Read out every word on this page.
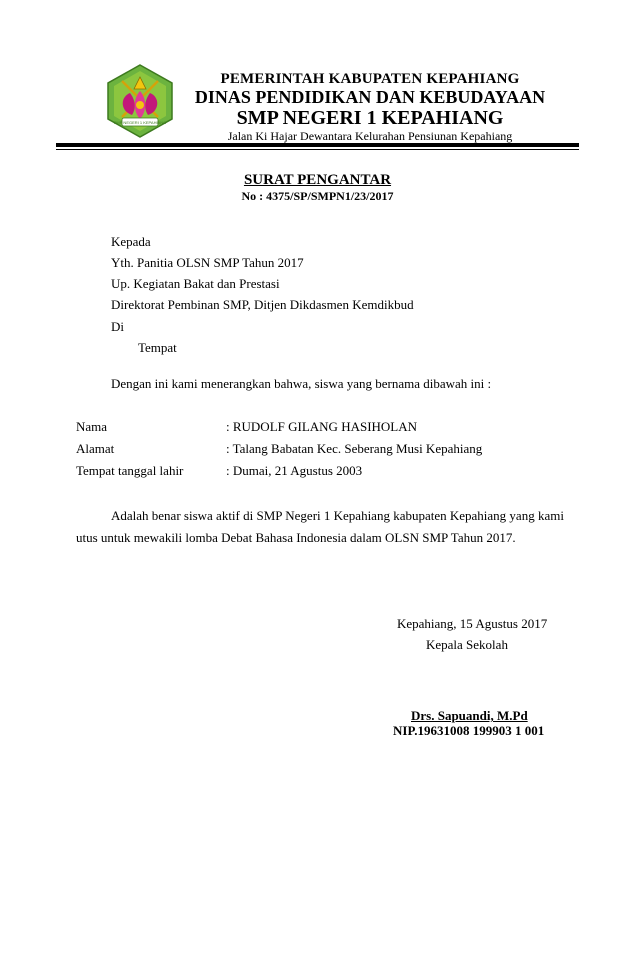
SMP NEGERI 1 KEPAHIANG
PEMERINTAH KABUPATEN KEPAHIANG
DINAS PENDIDIKAN DAN KEBUDAYAAN
SMP NEGERI 1 KEPAHIANG
Jalan Ki Hajar Dewantara Kelurahan Pensiunan Kepahiang
SURAT PENGANTAR
No : 4375/SP/SMPN1/23/2017
Kepada
Yth. Panitia OLSN SMP Tahun 2017
Up. Kegiatan Bakat dan Prestasi
Direktorat Pembinan SMP, Ditjen Dikdasmen Kemdikbud
Di
Tempat
Dengan ini kami menerangkan bahwa, siswa yang bernama dibawah ini :
Nama	: RUDOLF GILANG HASIHOLAN
Alamat	: Talang Babatan Kec. Seberang Musi Kepahiang
Tempat tanggal lahir	: Dumai, 21 Agustus 2003
Adalah benar siswa aktif di SMP Negeri 1 Kepahiang kabupaten Kepahiang yang kami
utus untuk mewakili lomba Debat Bahasa Indonesia dalam OLSN SMP Tahun 2017.
Kepahiang, 15 Agustus 2017
Kepala Sekolah
Drs. Sapuandi, M.Pd
NIP.19631008 199903 1 001
